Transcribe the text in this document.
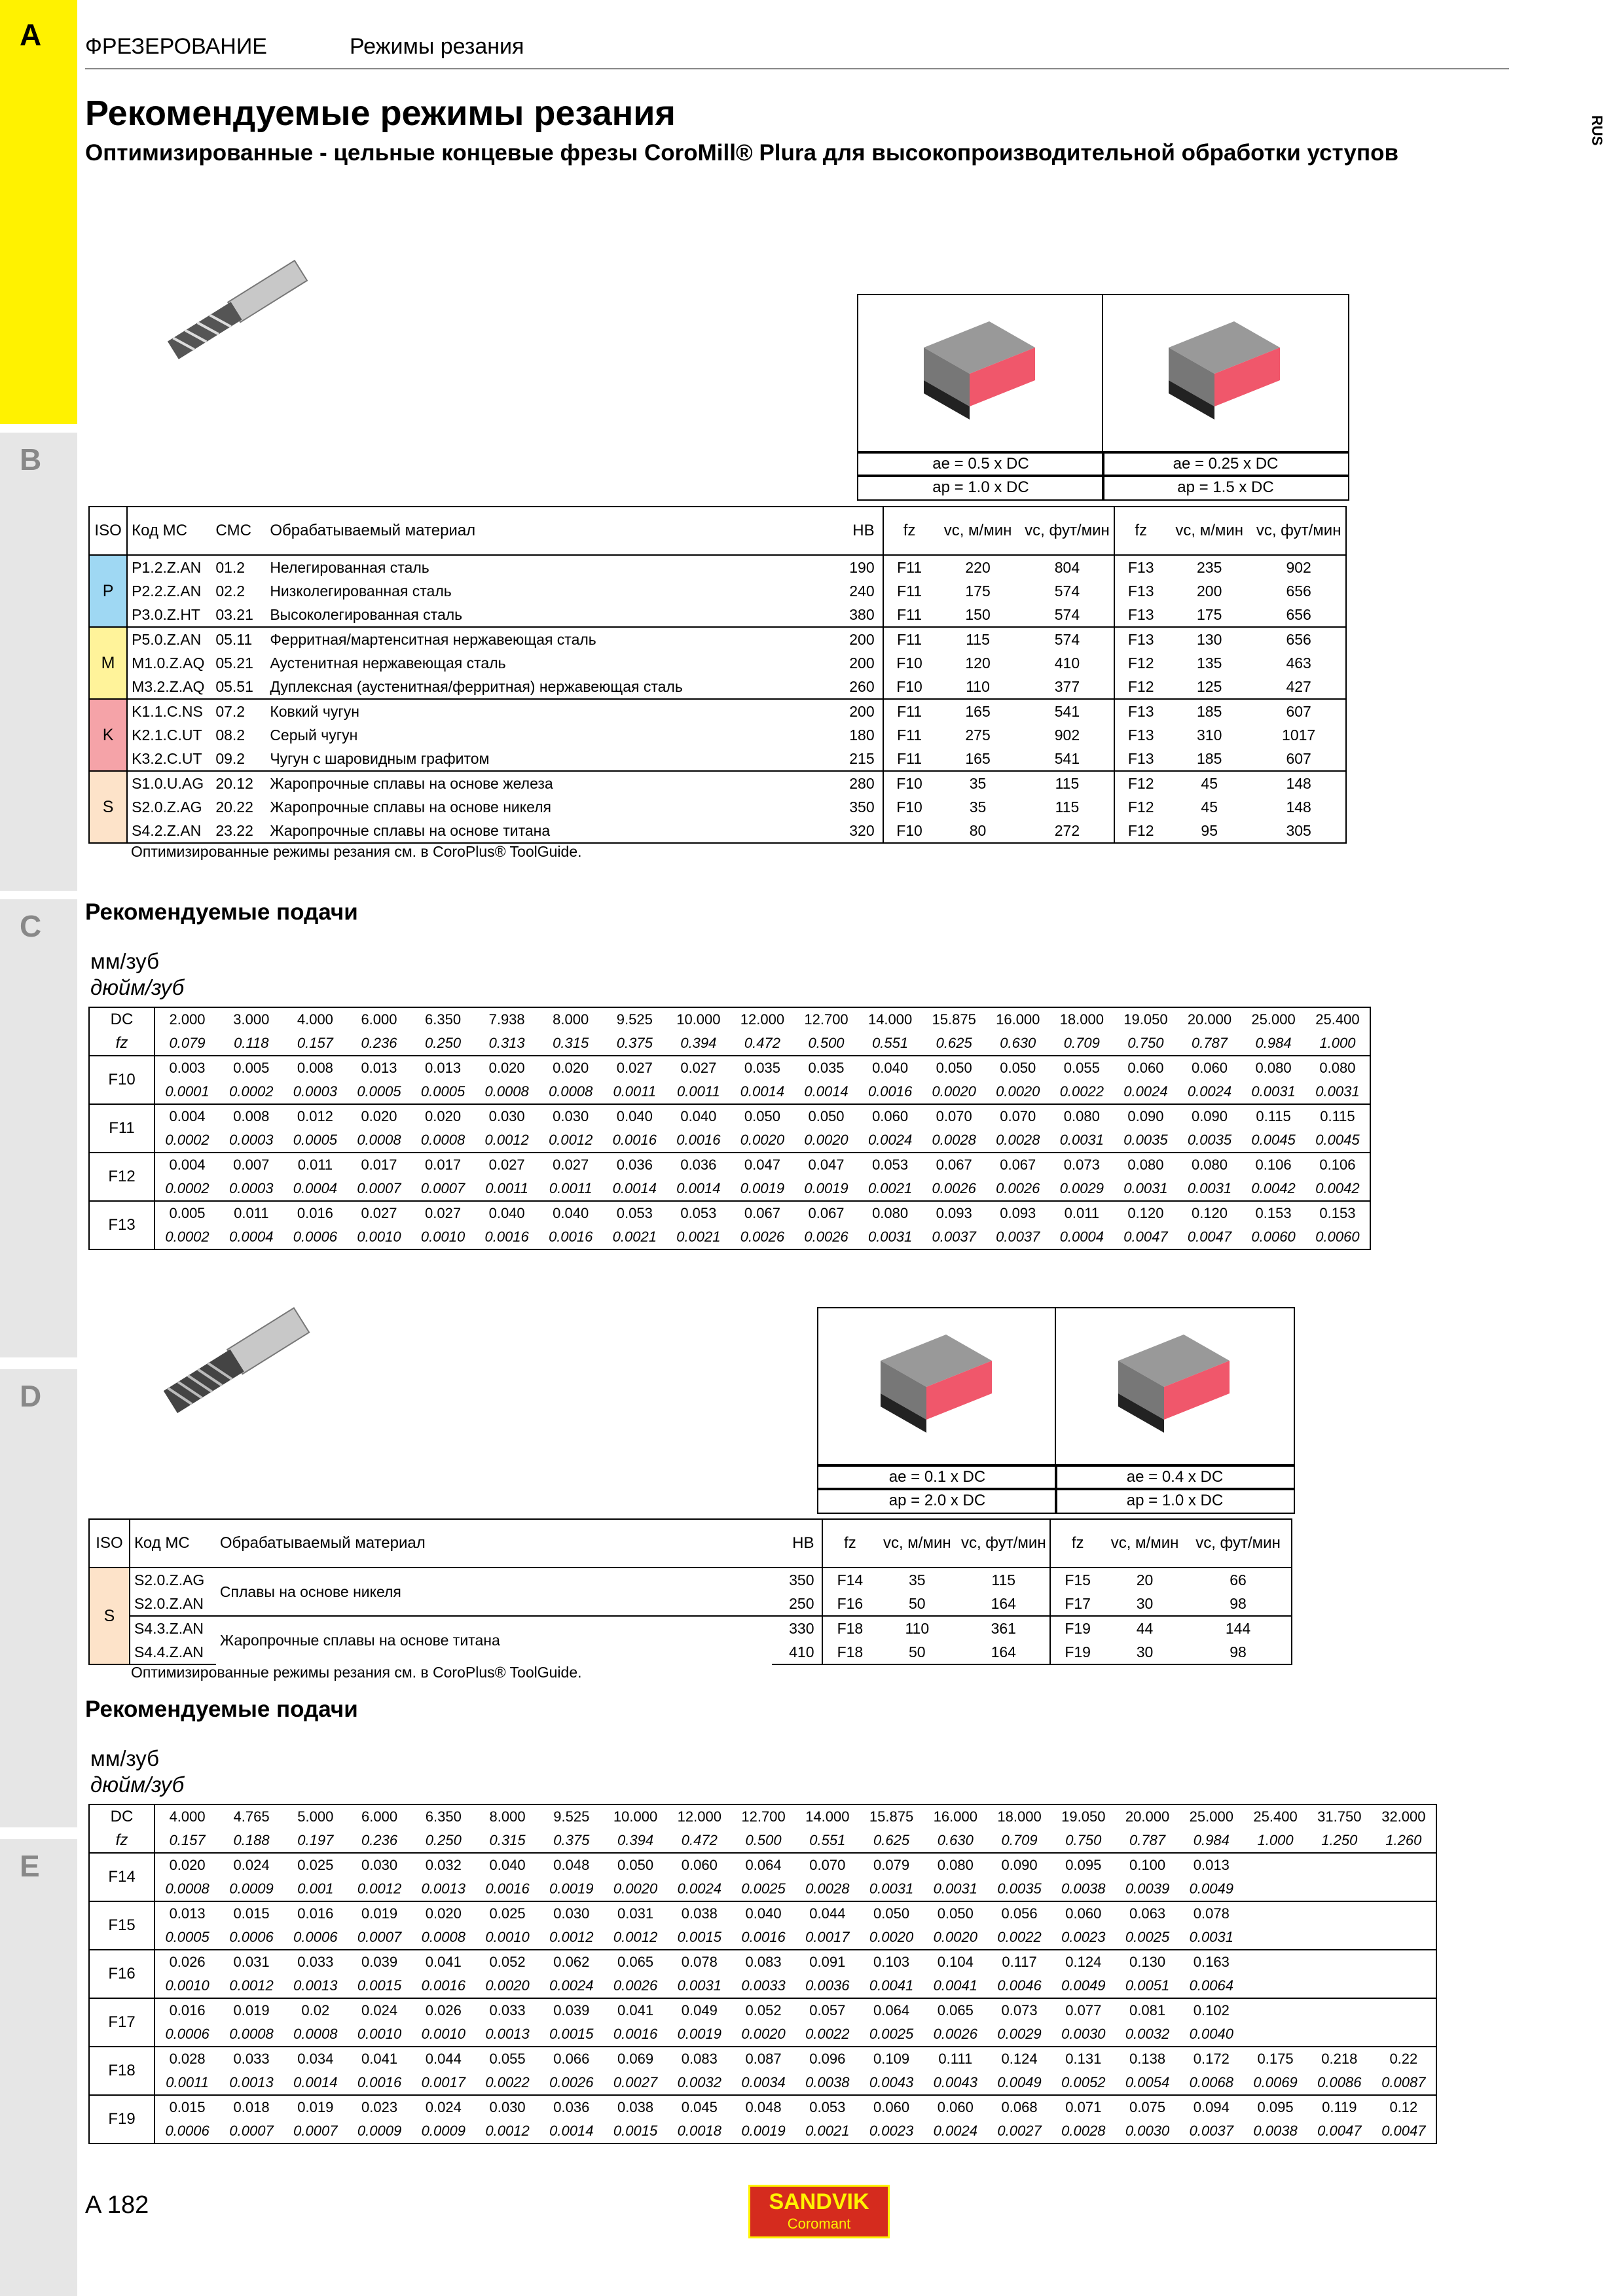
A
B
C
D
E
ФРЕЗЕРОВАНИЕ	Режимы резания
RUS
Рекомендуемые режимы резания
Оптимизированные - цельные концевые фрезы CoroMill® Plura для высокопроизводительной обработки уступов
ae = 0.5 x DC	ae = 0.25 x DC
ap = 1.0 x DC	ap = 1.5 x DC
ISO	Код MC	CMC	Обрабатываемый материал	HB	fz	vc, м/мин	vc, фут/мин	fz	vc, м/мин	vc, фут/мин
P	P1.2.Z.AN	01.2	Нелегированная сталь	190	F11	220	804	F13	235	902
	P2.2.Z.AN	02.2	Низколегированная сталь	240	F11	175	574	F13	200	656
	P3.0.Z.HT	03.21	Высоколегированная сталь	380	F11	150	574	F13	175	656
M	P5.0.Z.AN	05.11	Ферритная/мартенситная нержавеющая сталь	200	F11	115	574	F13	130	656
	M1.0.Z.AQ	05.21	Аустенитная нержавеющая сталь	200	F10	120	410	F12	135	463
	M3.2.Z.AQ	05.51	Дуплексная (аустенитная/ферритная) нержавеющая сталь	260	F10	110	377	F12	125	427
K	K1.1.C.NS	07.2	Ковкий чугун	200	F11	165	541	F13	185	607
	K2.1.C.UT	08.2	Серый чугун	180	F11	275	902	F13	310	1017
	K3.2.C.UT	09.2	Чугун с шаровидным графитом	215	F11	165	541	F13	185	607
S	S1.0.U.AG	20.12	Жаропрочные сплавы на основе железа	280	F10	35	115	F12	45	148
	S2.0.Z.AG	20.22	Жаропрочные сплавы на основе никеля	350	F10	35	115	F12	45	148
	S4.2.Z.AN	23.22	Жаропрочные сплавы на основе титана	320	F10	80	272	F12	95	305
Оптимизированные режимы резания см. в CoroPlus® ToolGuide.
Рекомендуемые подачи
мм/зуб
дюйм/зуб
DC	2.000	3.000	4.000	6.000	6.350	7.938	8.000	9.525	10.000	12.000	12.700	14.000	15.875	16.000	18.000	19.050	20.000	25.000	25.400
fz	0.079	0.118	0.157	0.236	0.250	0.313	0.315	0.375	0.394	0.472	0.500	0.551	0.625	0.630	0.709	0.750	0.787	0.984	1.000
F10	0.003	0.005	0.008	0.013	0.013	0.020	0.020	0.027	0.027	0.035	0.035	0.040	0.050	0.050	0.055	0.060	0.060	0.080	0.080
	0.0001	0.0002	0.0003	0.0005	0.0005	0.0008	0.0008	0.0011	0.0011	0.0014	0.0014	0.0016	0.0020	0.0020	0.0022	0.0024	0.0024	0.0031	0.0031
F11	0.004	0.008	0.012	0.020	0.020	0.030	0.030	0.040	0.040	0.050	0.050	0.060	0.070	0.070	0.080	0.090	0.090	0.115	0.115
	0.0002	0.0003	0.0005	0.0008	0.0008	0.0012	0.0012	0.0016	0.0016	0.0020	0.0020	0.0024	0.0028	0.0028	0.0031	0.0035	0.0035	0.0045	0.0045
F12	0.004	0.007	0.011	0.017	0.017	0.027	0.027	0.036	0.036	0.047	0.047	0.053	0.067	0.067	0.073	0.080	0.080	0.106	0.106
	0.0002	0.0003	0.0004	0.0007	0.0007	0.0011	0.0011	0.0014	0.0014	0.0019	0.0019	0.0021	0.0026	0.0026	0.0029	0.0031	0.0031	0.0042	0.0042
F13	0.005	0.011	0.016	0.027	0.027	0.040	0.040	0.053	0.053	0.067	0.067	0.080	0.093	0.093	0.011	0.120	0.120	0.153	0.153
	0.0002	0.0004	0.0006	0.0010	0.0010	0.0016	0.0016	0.0021	0.0021	0.0026	0.0026	0.0031	0.0037	0.0037	0.0004	0.0047	0.0047	0.0060	0.0060
ae = 0.1 x DC	ae = 0.4 x DC
ap = 2.0 x DC	ap = 1.0 x DC
ISO	Код MC	Обрабатываемый материал	HB	fz	vc, м/мин	vc, фут/мин	fz	vc, м/мин	vc, фут/мин
S	S2.0.Z.AG	Сплавы на основе никеля	350	F14	35	115	F15	20	66
	S2.0.Z.AN		250	F16	50	164	F17	30	98
	S4.3.Z.AN	Жаропрочные сплавы на основе титана	330	F18	110	361	F19	44	144
	S4.4.Z.AN		410	F18	50	164	F19	30	98
Оптимизированные режимы резания см. в CoroPlus® ToolGuide.
Рекомендуемые подачи
мм/зуб
дюйм/зуб
DC	4.000	4.765	5.000	6.000	6.350	8.000	9.525	10.000	12.000	12.700	14.000	15.875	16.000	18.000	19.050	20.000	25.000	25.400	31.750	32.000
fz	0.157	0.188	0.197	0.236	0.250	0.315	0.375	0.394	0.472	0.500	0.551	0.625	0.630	0.709	0.750	0.787	0.984	1.000	1.250	1.260
F14	0.020	0.024	0.025	0.030	0.032	0.040	0.048	0.050	0.060	0.064	0.070	0.079	0.080	0.090	0.095	0.100	0.013			
	0.0008	0.0009	0.001	0.0012	0.0013	0.0016	0.0019	0.0020	0.0024	0.0025	0.0028	0.0031	0.0031	0.0035	0.0038	0.0039	0.0049			
F15	0.013	0.015	0.016	0.019	0.020	0.025	0.030	0.031	0.038	0.040	0.044	0.050	0.050	0.056	0.060	0.063	0.078			
	0.0005	0.0006	0.0006	0.0007	0.0008	0.0010	0.0012	0.0012	0.0015	0.0016	0.0017	0.0020	0.0020	0.0022	0.0023	0.0025	0.0031			
F16	0.026	0.031	0.033	0.039	0.041	0.052	0.062	0.065	0.078	0.083	0.091	0.103	0.104	0.117	0.124	0.130	0.163			
	0.0010	0.0012	0.0013	0.0015	0.0016	0.0020	0.0024	0.0026	0.0031	0.0033	0.0036	0.0041	0.0041	0.0046	0.0049	0.0051	0.0064			
F17	0.016	0.019	0.02	0.024	0.026	0.033	0.039	0.041	0.049	0.052	0.057	0.064	0.065	0.073	0.077	0.081	0.102			
	0.0006	0.0008	0.0008	0.0010	0.0010	0.0013	0.0015	0.0016	0.0019	0.0020	0.0022	0.0025	0.0026	0.0029	0.0030	0.0032	0.0040			
F18	0.028	0.033	0.034	0.041	0.044	0.055	0.066	0.069	0.083	0.087	0.096	0.109	0.111	0.124	0.131	0.138	0.172	0.175	0.218	0.22
	0.0011	0.0013	0.0014	0.0016	0.0017	0.0022	0.0026	0.0027	0.0032	0.0034	0.0038	0.0043	0.0043	0.0049	0.0052	0.0054	0.0068	0.0069	0.0086	0.0087
F19	0.015	0.018	0.019	0.023	0.024	0.030	0.036	0.038	0.045	0.048	0.053	0.060	0.060	0.068	0.071	0.075	0.094	0.095	0.119	0.12
	0.0006	0.0007	0.0007	0.0009	0.0009	0.0012	0.0014	0.0015	0.0018	0.0019	0.0021	0.0023	0.0024	0.0027	0.0028	0.0030	0.0037	0.0038	0.0047	0.0047
A 182	SANDVIK
Coromant
